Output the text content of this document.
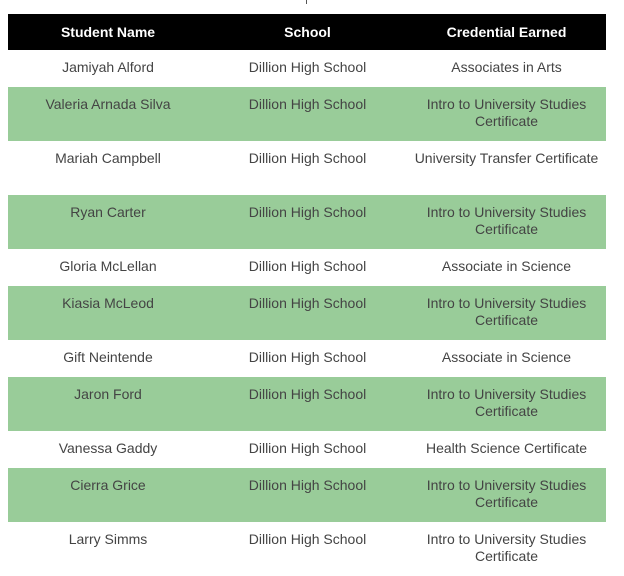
Student Name	School	Credential Earned
Jamiyah Alford	Dillion High School	Associates in Arts
Valeria Arnada Silva	Dillion High School	Intro to University Studies Certificate
Mariah Campbell	Dillion High School	University Transfer Certificate
Ryan Carter	Dillion High School	Intro to University Studies Certificate
Gloria McLellan	Dillion High School	Associate in Science
Kiasia McLeod	Dillion High School	Intro to University Studies Certificate
Gift Neintende	Dillion High School	Associate in Science
Jaron Ford	Dillion High School	Intro to University Studies Certificate
Vanessa Gaddy	Dillion High School	Health Science Certificate
Cierra Grice	Dillion High School	Intro to University Studies Certificate
Larry Simms	Dillion High School	Intro to University Studies Certificate
